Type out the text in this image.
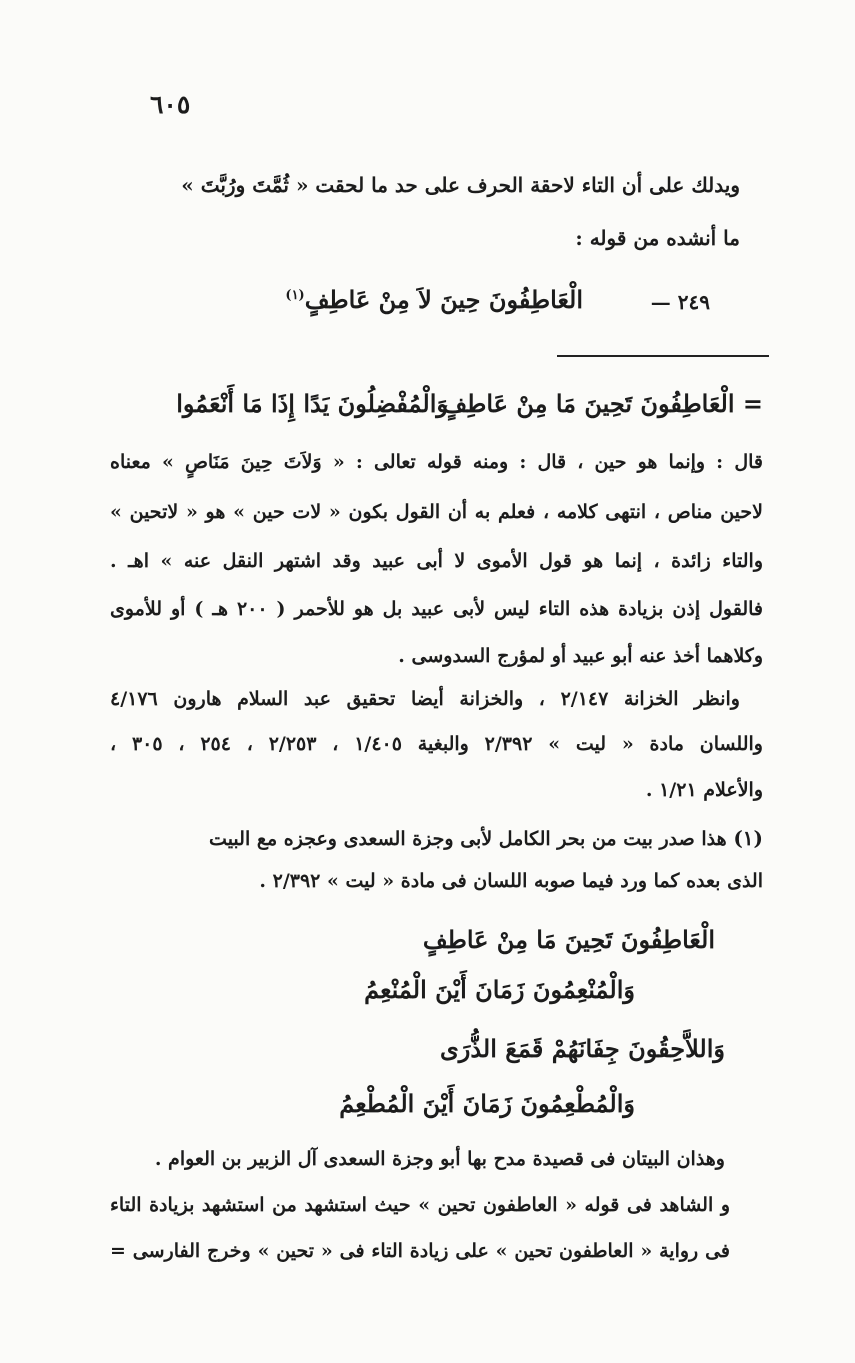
٦٠٥
ويدلك على أن التاء لاحقة الحرف على حد ما لحقت « ثُمَّتَ ورُبَّتَ »
ما أنشده من قوله :
٢٤٩ —
الْعَاطِفُونَ حِينَ لاَ مِنْ عَاطِفٍ$^{(١)}$
= الْعَاطِفُونَ تَحِينَ مَا مِنْ عَاطِفٍ
وَالْمُفْضِلُونَ يَدًا إِذَا مَا أَنْعَمُوا
قال : وإنما هو حين ، قال : ومنه قوله تعالى : « وَلاَتَ حِينَ مَنَاصٍ » معناه
لاحين مناص ، انتهى كلامه ، فعلم به أن القول بكون « لات حين » هو « لاتحين »
والتاء زائدة ، إنما هو قول الأموى لا أبى عبيد وقد اشتهر النقل عنه » اهـ .
فالقول إذن بزيادة هذه التاء ليس لأبى عبيد بل هو للأحمر ( ٢٠٠ هـ ) أو للأموى
وكلاهما أخذ عنه أبو عبيد أو لمؤرج السدوسى .
وانظر الخزانة ٢/١٤٧ ، والخزانة أيضا تحقيق عبد السلام هارون ٤/١٧٦
واللسان مادة « ليت » ٢/٣٩٢ والبغية ١/٤٠٥ ، ٢/٢٥٣ ، ٢٥٤ ، ٣٠٥ ،
والأعلام ١/٢١ .
(١) هذا صدر بيت من بحر الكامل لأبى وجزة السعدى وعجزه مع البيت
الذى بعده كما ورد فيما صوبه اللسان فى مادة « ليت » ٢/٣٩٢ .
الْعَاطِفُونَ تَحِينَ مَا مِنْ عَاطِفٍ
وَالْمُنْعِمُونَ زَمَانَ أَيْنَ الْمُنْعِمُ
وَاللاَّحِقُونَ جِفَانَهُمْ قَمَعَ الذُّرَى
وَالْمُطْعِمُونَ زَمَانَ أَيْنَ الْمُطْعِمُ
وهذان البيتان فى قصيدة مدح بها أبو وجزة السعدى آل الزبير بن العوام .
و الشاهد فى قوله « العاطفون تحين » حيث استشهد من استشهد بزيادة التاء
فى رواية « العاطفون تحين » على زيادة التاء فى « تحين » وخرج الفارسى =
